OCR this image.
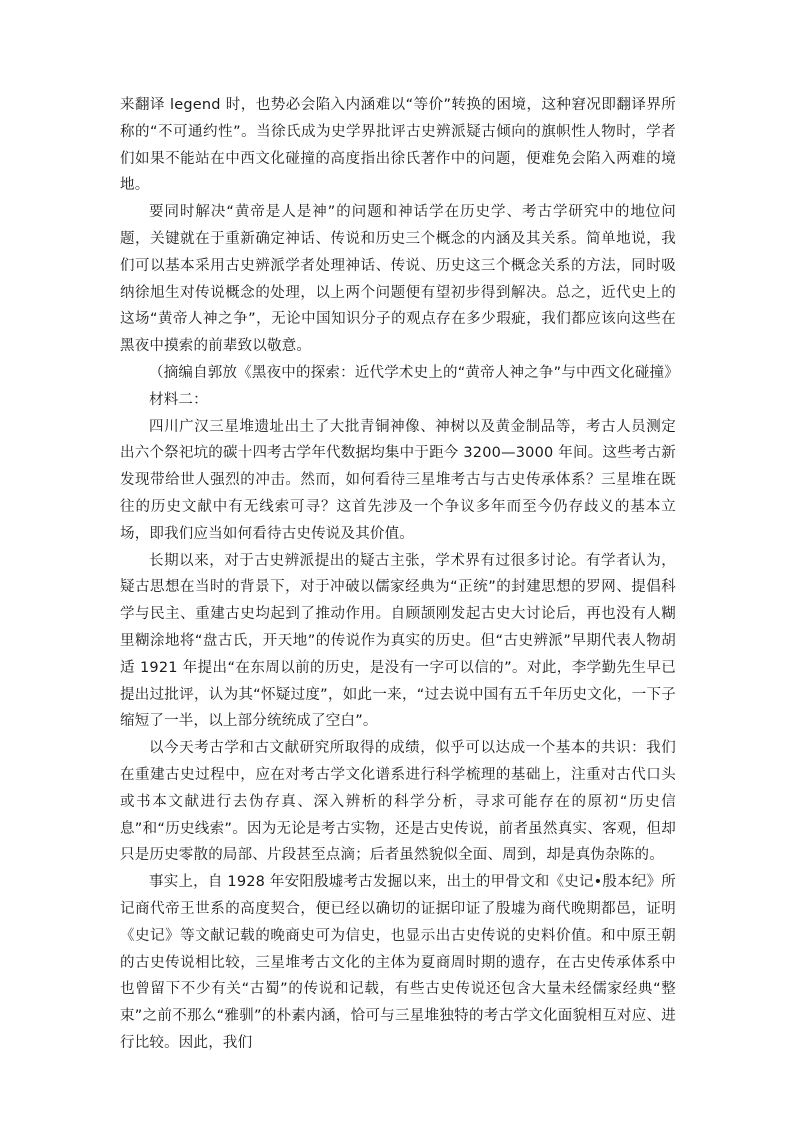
来翻译 legend 时，也势必会陷入内涵难以“等价”转换的困境，这种窘况即翻译界所称的“不可通约性”。当徐氏成为史学界批评古史辨派疑古倾向的旗帜性人物时，学者们如果不能站在中西文化碰撞的高度指出徐氏著作中的问题，便难免会陷入两难的境地。

要同时解决“黄帝是人是神”的问题和神话学在历史学、考古学研究中的地位问题，关键就在于重新确定神话、传说和历史三个概念的内涵及其关系。简单地说，我们可以基本采用古史辨派学者处理神话、传说、历史这三个概念关系的方法，同时吸纳徐旭生对传说概念的处理，以上两个问题便有望初步得到解决。总之，近代史上的这场“黄帝人神之争”，无论中国知识分子的观点存在多少瑕疵，我们都应该向这些在黑夜中摸索的前辈致以敬意。

（摘编自郭放《黑夜中的探索：近代学术史上的“黄帝人神之争”与中西文化碰撞》

材料二：

四川广汉三星堆遗址出土了大批青铜神像、神树以及黄金制品等，考古人员测定出六个祭祀坑的碳十四考古学年代数据均集中于距今 3200—3000 年间。这些考古新发现带给世人强烈的冲击。然而，如何看待三星堆考古与古史传承体系？三星堆在既往的历史文献中有无线索可寻？这首先涉及一个争议多年而至今仍存歧义的基本立场，即我们应当如何看待古史传说及其价值。

长期以来，对于古史辨派提出的疑古主张，学术界有过很多讨论。有学者认为，疑古思想在当时的背景下，对于冲破以儒家经典为“正统”的封建思想的罗网、提倡科学与民主、重建古史均起到了推动作用。自顾颉刚发起古史大讨论后，再也没有人糊里糊涂地将“盘古氏，开天地”的传说作为真实的历史。但“古史辨派”早期代表人物胡适 1921 年提出“在东周以前的历史，是没有一字可以信的”。对此，李学勤先生早已提出过批评，认为其“怀疑过度”，如此一来，“过去说中国有五千年历史文化，一下子缩短了一半，以上部分统统成了空白”。

以今天考古学和古文献研究所取得的成绩，似乎可以达成一个基本的共识：我们在重建古史过程中，应在对考古学文化谱系进行科学梳理的基础上，注重对古代口头或书本文献进行去伪存真、深入辨析的科学分析，寻求可能存在的原初“历史信息”和“历史线索”。因为无论是考古实物，还是古史传说，前者虽然真实、客观，但却只是历史零散的局部、片段甚至点滴；后者虽然貌似全面、周到，却是真伪杂陈的。

事实上，自 1928 年安阳殷墟考古发掘以来，出土的甲骨文和《史记•殷本纪》所记商代帝王世系的高度契合，便已经以确切的证据印证了殷墟为商代晚期都邑，证明《史记》等文献记载的晚商史可为信史，也显示出古史传说的史料价值。和中原王朝的古史传说相比较，三星堆考古文化的主体为夏商周时期的遗存，在古史传承体系中也曾留下不少有关“古蜀”的传说和记载，有些古史传说还包含大量未经儒家经典“整束”之前不那么“雅驯”的朴素内涵，恰可与三星堆独特的考古学文化面貌相互对应、进行比较。因此，我们
